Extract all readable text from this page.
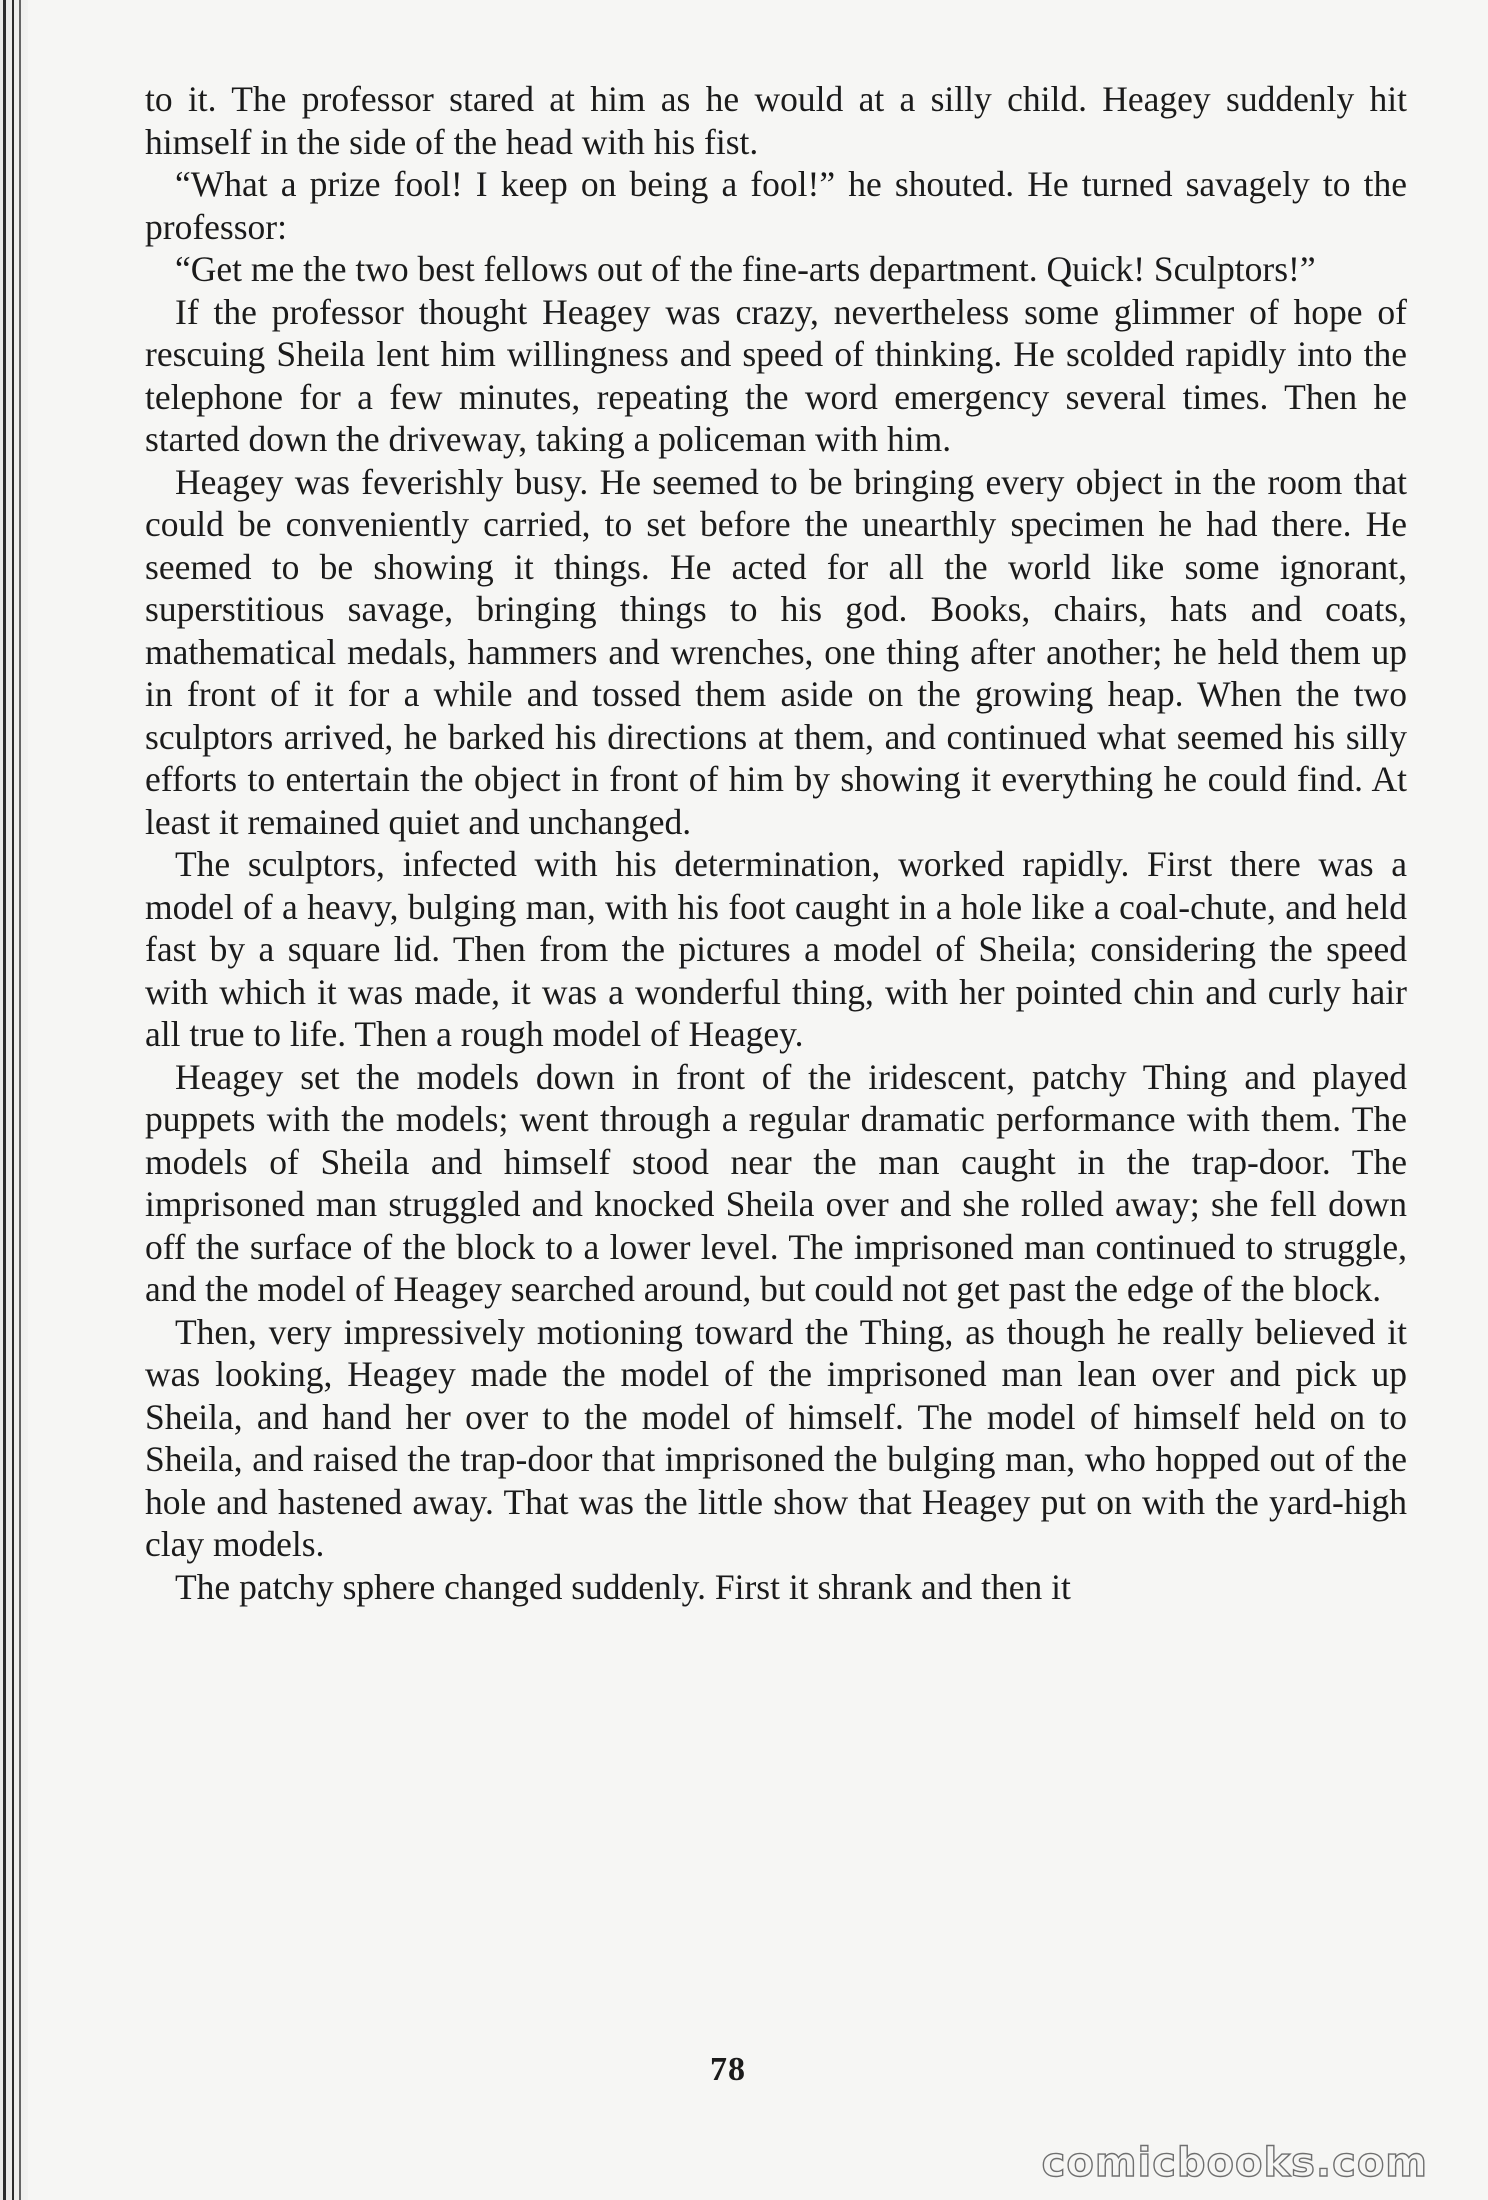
to it. The professor stared at him as he would at a silly child. Heagey suddenly hit himself in the side of the head with his fist.

“What a prize fool! I keep on being a fool!” he shouted. He turned savagely to the professor:

“Get me the two best fellows out of the fine-arts department. Quick! Sculptors!”

If the professor thought Heagey was crazy, nevertheless some glimmer of hope of rescuing Sheila lent him willingness and speed of thinking. He scolded rapidly into the telephone for a few minutes, repeating the word emergency several times. Then he started down the driveway, taking a policeman with him.

Heagey was feverishly busy. He seemed to be bringing every object in the room that could be conveniently carried, to set before the unearthly specimen he had there. He seemed to be showing it things. He acted for all the world like some ignorant, superstitious savage, bringing things to his god. Books, chairs, hats and coats, mathematical medals, hammers and wrenches, one thing after another; he held them up in front of it for a while and tossed them aside on the growing heap. When the two sculptors arrived, he barked his directions at them, and continued what seemed his silly efforts to entertain the object in front of him by showing it everything he could find. At least it remained quiet and unchanged.

The sculptors, infected with his determination, worked rapidly. First there was a model of a heavy, bulging man, with his foot caught in a hole like a coal-chute, and held fast by a square lid. Then from the pictures a model of Sheila; considering the speed with which it was made, it was a wonderful thing, with her pointed chin and curly hair all true to life. Then a rough model of Heagey.

Heagey set the models down in front of the iridescent, patchy Thing and played puppets with the models; went through a regular dramatic performance with them. The models of Sheila and himself stood near the man caught in the trap-door. The imprisoned man struggled and knocked Sheila over and she rolled away; she fell down off the surface of the block to a lower level. The imprisoned man continued to struggle, and the model of Heagey searched around, but could not get past the edge of the block.

Then, very impressively motioning toward the Thing, as though he really believed it was looking, Heagey made the model of the imprisoned man lean over and pick up Sheila, and hand her over to the model of himself. The model of himself held on to Sheila, and raised the trap-door that imprisoned the bulging man, who hopped out of the hole and hastened away. That was the little show that Heagey put on with the yard-high clay models.

The patchy sphere changed suddenly. First it shrank and then it

78
comicbooks.com
